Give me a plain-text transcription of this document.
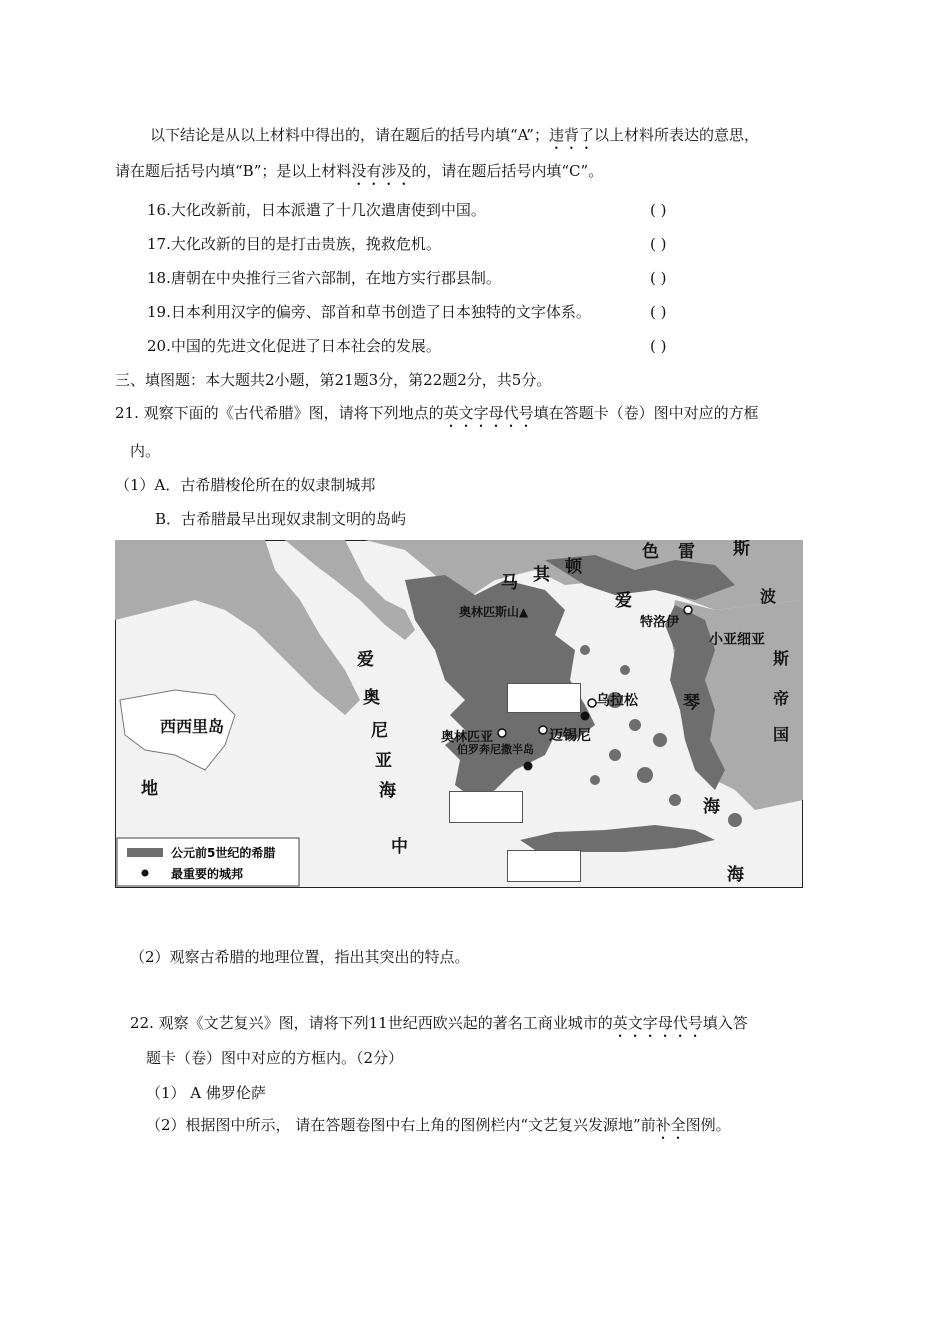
以下结论是从以上材料中得出的，请在题后的括号内填“A”；违背了以上材料所表达的意思，
请在题后括号内填“B”；是以上材料没有涉及的，请在题后括号内填“C”。
16.大化改新前，日本派遣了十几次遣唐使到中国。	( )
17.大化改新的目的是打击贵族，挽救危机。	( )
18.唐朝在中央推行三省六部制，在地方实行郡县制。	( )
19.日本利用汉字的偏旁、部首和草书创造了日本独特的文字体系。	( )
20.中国的先进文化促进了日本社会的发展。	( )
三、填图题：本大题共2小题，第21题3分，第22题2分，共5分。
21. 观察下面的《古代希腊》图，请将下列地点的英文字母代号填在答题卡（卷）图中对应的方框
内。
（1）A．古希腊梭伦所在的奴隶制城邦
B．古希腊最早出现奴隶制文明的岛屿
马 其 顿
色 雷 斯
奥林匹斯山▲
爱
特洛伊
波
小亚细亚
斯
帝
国
琴
爱
奥
尼
亚
海
西西里岛
乌拉松
奥林匹亚	迈锡尼
伯罗奔尼撒半岛
地
中
海
海
公元前5世纪的希腊
最重要的城邦
（2）观察古希腊的地理位置，指出其突出的特点。
22. 观察《文艺复兴》图，请将下列11世纪西欧兴起的著名工商业城市的英文字母代号填入答
题卡（卷）图中对应的方框内。（2分）
（1） A 佛罗伦萨
（2）根据图中所示， 请在答题卷图中右上角的图例栏内“文艺复兴发源地”前补全图例。
